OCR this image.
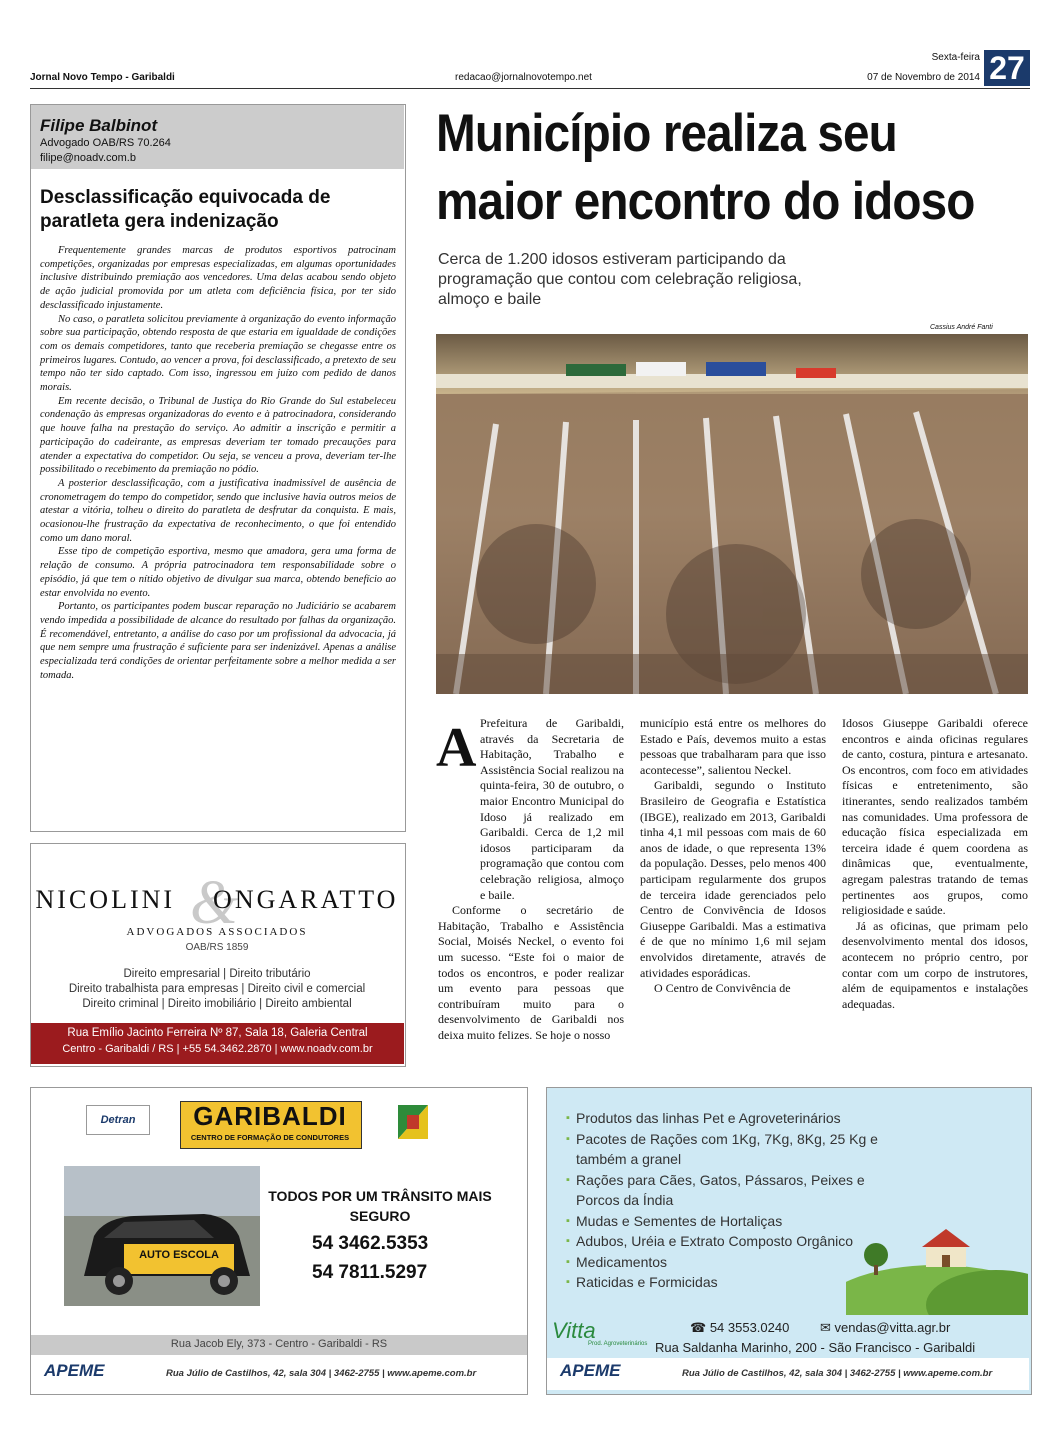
Jornal Novo Tempo - Garibaldi	redacao@jornalnovotempo.net
Sexta-feira
07 de Novembro de 2014 27
Filipe Balbinot
Advogado OAB/RS 70.264
filipe@noadv.com.b
Desclassificação equivocada de paratleta gera indenização

Frequentemente grandes marcas de produtos esportivos patrocinam competições, organizadas por empresas especializadas, em algumas oportunidades inclusive distribuindo premiação aos vencedores. Uma delas acabou sendo objeto de ação judicial promovida por um atleta com deficiência física, por ter sido desclassificado injustamente.

No caso, o paratleta solicitou previamente à organização do evento informação sobre sua participação, obtendo resposta de que estaria em igualdade de condições com os demais competidores, tanto que receberia premiação se chegasse entre os primeiros lugares. Contudo, ao vencer a prova, foi desclassificado, a pretexto de seu tempo não ter sido captado. Com isso, ingressou em juízo com pedido de danos morais.

Em recente decisão, o Tribunal de Justiça do Rio Grande do Sul estabeleceu condenação às empresas organizadoras do evento e à patrocinadora, considerando que houve falha na prestação do serviço. Ao admitir a inscrição e permitir a participação do cadeirante, as empresas deveriam ter tomado precauções para atender a expectativa do competidor. Ou seja, se venceu a prova, deveriam ter-lhe possibilitado o recebimento da premiação no pódio.

A posterior desclassificação, com a justificativa inadmissível de ausência de cronometragem do tempo do competidor, sendo que inclusive havia outros meios de atestar a vitória, tolheu o direito do paratleta de desfrutar da conquista. E mais, ocasionou-lhe frustração da expectativa de reconhecimento, o que foi entendido como um dano moral.

Esse tipo de competição esportiva, mesmo que amadora, gera uma forma de relação de consumo. A própria patrocinadora tem responsabilidade sobre o episódio, já que tem o nítido objetivo de divulgar sua marca, obtendo benefício ao estar envolvida no evento.

Portanto, os participantes podem buscar reparação no Judiciário se acabarem vendo impedida a possibilidade de alcance do resultado por falhas da organização. É recomendável, entretanto, a análise do caso por um profissional da advocacia, já que nem sempre uma frustração é suficiente para ser indenizável. Apenas a análise especializada terá condições de orientar perfeitamente sobre a melhor medida a ser tomada.

&
NICOLINI ONGARATTO
ADVOGADOS ASSOCIADOS
OAB/RS 1859
Direito empresarial | Direito tributário
Direito trabalhista para empresas | Direito civil e comercial
Direito criminal | Direito imobiliário | Direito ambiental
Rua Emílio Jacinto Ferreira Nº 87, Sala 18, Galeria Central
Centro - Garibaldi / RS | +55 54.3462.2870 | www.noadv.com.br
Município realiza seu maior encontro do idoso
Cerca de 1.200 idosos estiveram participando da programação que contou com celebração religiosa, almoço e baile
Cassius André Fanti
A Prefeitura de Garibaldi, através da Secretaria de Habitação, Trabalho e Assistência Social realizou na quinta-feira, 30 de outubro, o maior Encontro Municipal do Idoso já realizado em Garibaldi. Cerca de 1,2 mil idosos participaram da programação que contou com celebração religiosa, almoço e baile.

Conforme o secretário de Habitação, Trabalho e Assistência Social, Moisés Neckel, o evento foi um sucesso. “Este foi o maior de todos os encontros, e poder realizar um evento para pessoas que contribuíram muito para o desenvolvimento de Garibaldi nos deixa muito felizes. Se hoje o nosso

município está entre os melhores do Estado e País, devemos muito a estas pessoas que trabalharam para que isso acontecesse”, salientou Neckel.

Garibaldi, segundo o Instituto Brasileiro de Geografia e Estatística (IBGE), realizado em 2013, Garibaldi tinha 4,1 mil pessoas com mais de 60 anos de idade, o que representa 13% da população. Desses, pelo menos 400 participam regularmente dos grupos de terceira idade gerenciados pelo Centro de Convivência de Idosos Giuseppe Garibaldi. Mas a estimativa é de que no mínimo 1,6 mil sejam envolvidos diretamente, através de atividades esporádicas.

O Centro de Convivência de

Idosos Giuseppe Garibaldi oferece encontros e ainda oficinas regulares de canto, costura, pintura e artesanato. Os encontros, com foco em atividades físicas e entretenimento, são itinerantes, sendo realizados também nas comunidades. Uma professora de educação física especializada em terceira idade é quem coordena as dinâmicas que, eventualmente, agregam palestras tratando de temas pertinentes aos grupos, como religiosidade e saúde.

Já as oficinas, que primam pelo desenvolvimento mental dos idosos, acontecem no próprio centro, por contar com um corpo de instrutores, além de equipamentos e instalações adequadas.

Detran	GARIBALDI
CENTRO DE FORMAÇÃO DE CONDUTORES
AUTO ESCOLA
TODOS POR UM TRÂNSITO MAIS SEGURO
54 3462.5353
54 7811.5297
Rua Jacob Ely, 373 - Centro - Garibaldi - RS
APEME	Rua Júlio de Castilhos, 42, sala 304 | 3462-2755 | www.apeme.com.br
▪ Produtos das linhas Pet e Agroveterinários
▪ Pacotes de Rações com 1Kg, 7Kg, 8Kg, 25 Kg e também a granel
▪ Rações para Cães, Gatos, Pássaros, Peixes e Porcos da Índia
▪ Mudas e Sementes de Hortaliças
▪ Adubos, Uréia e Extrato Composto Orgânico
▪ Medicamentos
▪ Raticidas e Formicidas
Vitta
Prod. Agroveterinários
☎ 54 3553.0240 ✉ vendas@vitta.agr.br
Rua Saldanha Marinho, 200 - São Francisco - Garibaldi
APEME	Rua Júlio de Castilhos, 42, sala 304 | 3462-2755 | www.apeme.com.br
